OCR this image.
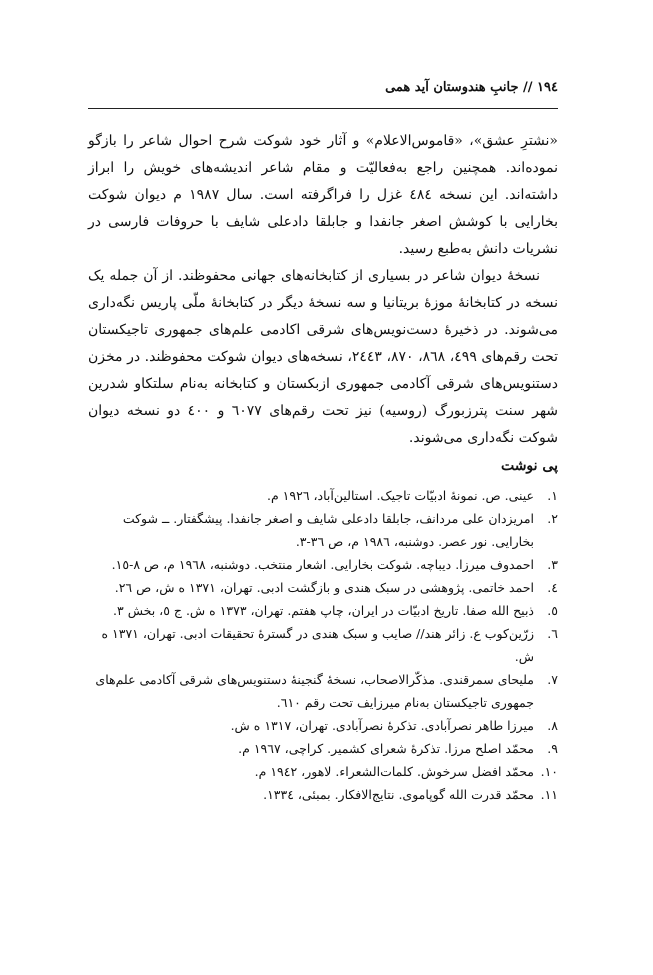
١٩٤ // جانبِ هندوستان آید همی

«نشترِ عشق»، «قاموس‌الاعلام» و آثار خود شوکت شرح احوال شاعر را بازگو نموده‌اند. همچنین راجع به‌فعالیّت و مقام شاعر اندیشه‌های خویش را ابراز داشته‌اند. این نسخه ٤٨٤ غزل را فراگرفته است. سال ١٩٨٧ م دیوان شوکت بخارایی با کوشش اصغر جانفدا و جابلقا دادعلی شایف با حروفات فارسی در نشریات دانش به‌طبع رسید.

نسخهٔ دیوان شاعر در بسیاری از کتابخانه‌های جهانی محفوظند. از آن جمله یک نسخه در کتابخانهٔ موزهٔ بریتانیا و سه نسخهٔ دیگر در کتابخانهٔ ملّی پاریس نگه‌داری می‌شوند. در ذخیرهٔ دست‌نویس‌های شرقی اکادمی علم‌های جمهوری تاجیکستان تحت رقم‌های ٤٩٩، ٨٦٨، ٨٧٠، ٢٤٤٣، نسخه‌های دیوان شوکت محفوظند. در مخزن دستنویس‌های شرقی آکادمی جمهوری ازبکستان و کتابخانه به‌نام سلتکاو شدرین شهر سنت پترزبورگ (روسیه) نیز تحت رقم‌های ٦٠٧٧ و ٤٠٠ دو نسخه دیوان شوکت نگه‌داری می‌شوند.

پی نوشت
١.
عینی. ص. نمونهٔ ادبیّات تاجیک. استالین‌آباد، ١٩٢٦ م.
٢.
امریزدان علی مردانف، جابلقا دادعلی شایف و اصغر جانفدا. پیشگفتار. ــ شوکت بخارایی. نور عصر. دوشنبه، ١٩٨٦ م، ص ٣٦-٣.
٣.
احمدوف میرزا. دیباچه. شوکت بخارایی. اشعار منتخب. دوشنبه، ١٩٦٨ م، ص ٨-١٥.
٤.
احمد خاتمی. پژوهشی در سبک هندی و بازگشت ادبی. تهران، ١٣٧١ ه ش، ص ٢٦.
٥.
ذبیح الله صفا. تاریخ ادبیّات در ایران، چاپ هفتم. تهران، ١٣٧٣ ه ش. ج ٥، بخش ٣.
٦.
زرّین‌کوب ع. زائر هند// صایب و سبک هندی در گسترهٔ تحقیقات ادبی. تهران، ١٣٧١ ه ش.
٧.
ملیحای سمرقندی. مذکّرالاصحاب، نسخهٔ گنجینهٔ دستنویس‌های شرقی آکادمی علم‌های جمهوری تاجیکستان به‌نام میرزایف تحت رقم ٦١٠.
٨.
میرزا طاهر نصرآبادی. تذکرهٔ نصرآبادی. تهران، ١٣١٧ ه ش.
٩.
محمّد اصلح مرزا. تذکرهٔ شعرای کشمیر. کراچی، ١٩٦٧ م.
١٠.
محمّد افضل سرخوش. کلمات‌الشعراء. لاهور، ١٩٤٢ م.
١١.
محمّد قدرت الله گوپاموی. نتایج‌الافکار. بمبئی، ١٣٣٤.
